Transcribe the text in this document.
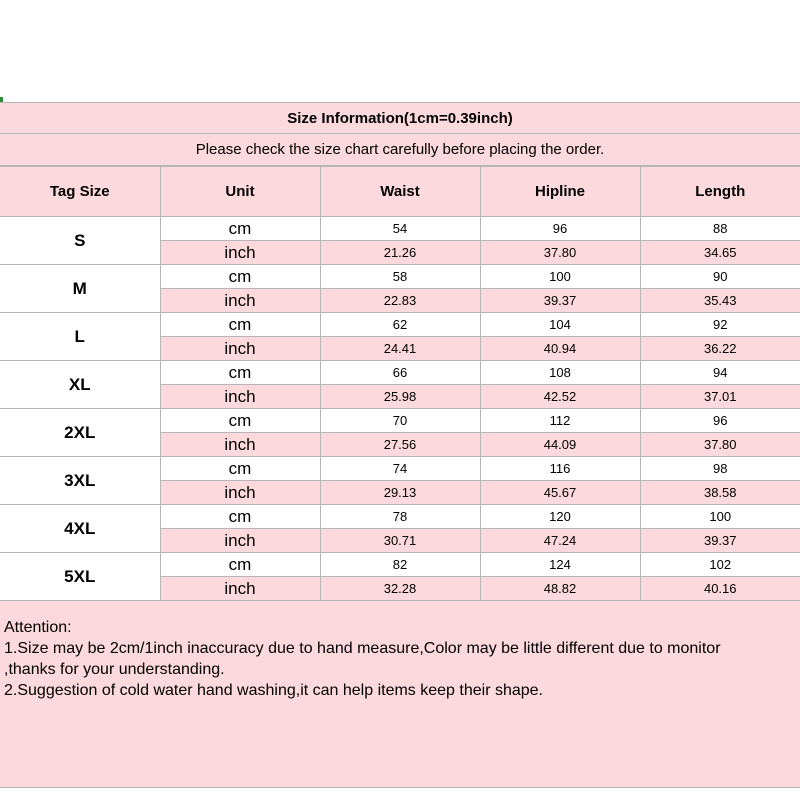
Size Information(1cm=0.39inch)
Please check the size chart carefully before placing the order.
Tag Size	Unit	Waist	Hipline	Length
S	cm	54	96	88
	inch	21.26	37.80	34.65
M	cm	58	100	90
	inch	22.83	39.37	35.43
L	cm	62	104	92
	inch	24.41	40.94	36.22
XL	cm	66	108	94
	inch	25.98	42.52	37.01
2XL	cm	70	112	96
	inch	27.56	44.09	37.80
3XL	cm	74	116	98
	inch	29.13	45.67	38.58
4XL	cm	78	120	100
	inch	30.71	47.24	39.37
5XL	cm	82	124	102
	inch	32.28	48.82	40.16
Attention:
1.Size may be 2cm/1inch inaccuracy due to hand measure,Color may be little different due to monitor
,thanks for your understanding.
2.Suggestion of cold water hand washing,it can help items keep their shape.
